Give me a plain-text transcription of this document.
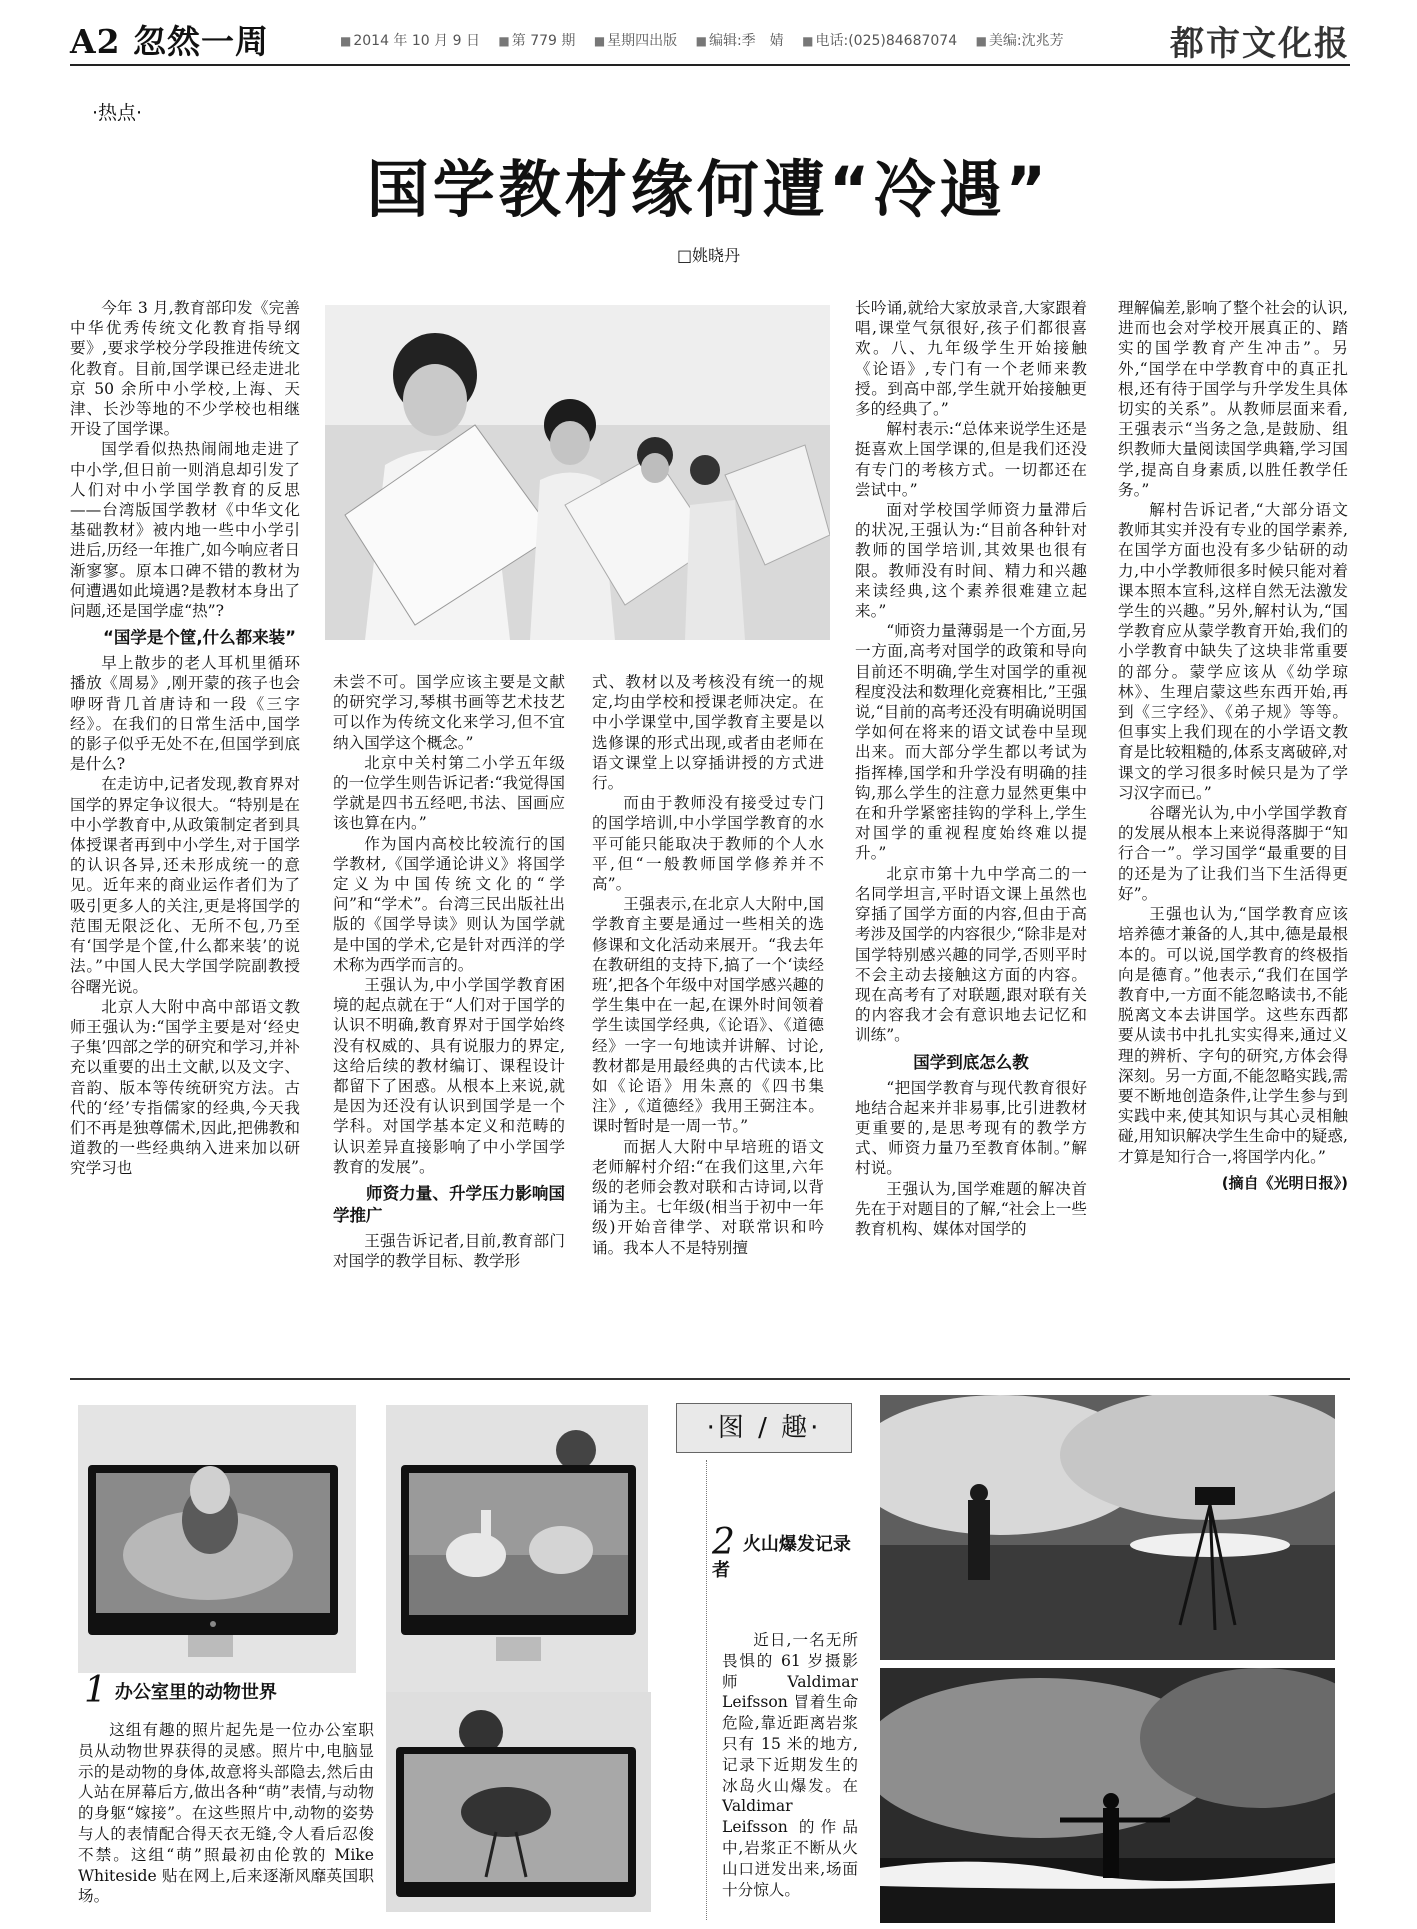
A2 忽然一周	■ 2014 年 10 月 9 日 ■ 第 779 期 ■ 星期四出版 ■ 编辑:季　婧 ■ 电话:(025)84687074 ■ 美编:沈兆芳	都市文化报
·热点·
国学教材缘何遭“冷遇”
□姚晓丹

今年 3 月,教育部印发《完善中华优秀传统文化教育指导纲要》,要求学校分学段推进传统文化教育。目前,国学课已经走进北京 50 余所中小学校,上海、天津、长沙等地的不少学校也相继开设了国学课。

国学看似热热闹闹地走进了中小学,但日前一则消息却引发了人们对中小学国学教育的反思——台湾版国学教材《中华文化基础教材》被内地一些中小学引进后,历经一年推广,如今响应者日渐寥寥。原本口碑不错的教材为何遭遇如此境遇?是教材本身出了问题,还是国学虚“热”?

“国学是个筐,什么都来装”

早上散步的老人耳机里循环播放《周易》,刚开蒙的孩子也会咿呀背几首唐诗和一段《三字经》。在我们的日常生活中,国学的影子似乎无处不在,但国学到底是什么?

在走访中,记者发现,教育界对国学的界定争议很大。“特别是在中小学教育中,从政策制定者到具体授课者再到中小学生,对于国学的认识各异,还未形成统一的意见。近年来的商业运作者们为了吸引更多人的关注,更是将国学的范围无限泛化、无所不包,乃至有‘国学是个筐,什么都来装’的说法。”中国人民大学国学院副教授谷曙光说。

北京人大附中高中部语文教师王强认为:“国学主要是对‘经史子集’四部之学的研究和学习,并补充以重要的出土文献,以及文字、音韵、版本等传统研究方法。古代的‘经’专指儒家的经典,今天我们不再是独尊儒术,因此,把佛教和道教的一些经典纳入进来加以研究学习也

未尝不可。国学应该主要是文献的研究学习,琴棋书画等艺术技艺可以作为传统文化来学习,但不宜纳入国学这个概念。”

北京中关村第二小学五年级的一位学生则告诉记者:“我觉得国学就是四书五经吧,书法、国画应该也算在内。”

作为国内高校比较流行的国学教材,《国学通论讲义》将国学定义为中国传统文化的“学问”和“学术”。台湾三民出版社出版的《国学导读》则认为国学就是中国的学术,它是针对西洋的学术称为西学而言的。

王强认为,中小学国学教育困境的起点就在于“人们对于国学的认识不明确,教育界对于国学始终没有权威的、具有说服力的界定,这给后续的教材编订、课程设计都留下了困惑。从根本上来说,就是因为还没有认识到国学是一个学科。对国学基本定义和范畴的认识差异直接影响了中小学国学教育的发展”。

师资力量、升学压力影响国学推广

王强告诉记者,目前,教育部门对国学的教学目标、教学形

式、教材以及考核没有统一的规定,均由学校和授课老师决定。在中小学课堂中,国学教育主要是以选修课的形式出现,或者由老师在语文课堂上以穿插讲授的方式进行。

而由于教师没有接受过专门的国学培训,中小学国学教育的水平可能只能取决于教师的个人水平,但“一般教师国学修养并不高”。

王强表示,在北京人大附中,国学教育主要是通过一些相关的选修课和文化活动来展开。“我去年在教研组的支持下,搞了一个‘读经班’,把各个年级中对国学感兴趣的学生集中在一起,在课外时间领着学生读国学经典,《论语》、《道德经》一字一句地读并讲解、讨论,教材都是用最经典的古代读本,比如《论语》用朱熹的《四书集注》,《道德经》我用王弼注本。课时暂时是一周一节。”

而据人大附中早培班的语文老师解村介绍:“在我们这里,六年级的老师会教对联和古诗词,以背诵为主。七年级(相当于初中一年级)开始音律学、对联常识和吟诵。我本人不是特别擅

长吟诵,就给大家放录音,大家跟着唱,课堂气氛很好,孩子们都很喜欢。八、九年级学生开始接触《论语》,专门有一个老师来教授。到高中部,学生就开始接触更多的经典了。”

解村表示:“总体来说学生还是挺喜欢上国学课的,但是我们还没有专门的考核方式。一切都还在尝试中。”

面对学校国学师资力量滞后的状况,王强认为:“目前各种针对教师的国学培训,其效果也很有限。教师没有时间、精力和兴趣来读经典,这个素养很难建立起来。”

“师资力量薄弱是一个方面,另一方面,高考对国学的政策和导向目前还不明确,学生对国学的重视程度没法和数理化竞赛相比,”王强说,“目前的高考还没有明确说明国学如何在将来的语文试卷中呈现出来。而大部分学生都以考试为指挥棒,国学和升学没有明确的挂钩,那么学生的注意力显然更集中在和升学紧密挂钩的学科上,学生对国学的重视程度始终难以提升。”

北京市第十九中学高二的一名同学坦言,平时语文课上虽然也穿插了国学方面的内容,但由于高考涉及国学的内容很少,“除非是对国学特别感兴趣的同学,否则平时不会主动去接触这方面的内容。现在高考有了对联题,跟对联有关的内容我才会有意识地去记忆和训练”。

国学到底怎么教

“把国学教育与现代教育很好地结合起来并非易事,比引进教材更重要的,是思考现有的教学方式、师资力量乃至教育体制。”解村说。

王强认为,国学难题的解决首先在于对题目的了解,“社会上一些教育机构、媒体对国学的

理解偏差,影响了整个社会的认识,进而也会对学校开展真正的、踏实的国学教育产生冲击”。另外,“国学在中学教育中的真正扎根,还有待于国学与升学发生具体切实的关系”。从教师层面来看,王强表示“当务之急,是鼓励、组织教师大量阅读国学典籍,学习国学,提高自身素质,以胜任教学任务。”

解村告诉记者,“大部分语文教师其实并没有专业的国学素养,在国学方面也没有多少钻研的动力,中小学教师很多时候只能对着课本照本宣科,这样自然无法激发学生的兴趣。”另外,解村认为,“国学教育应从蒙学教育开始,我们的小学教育中缺失了这块非常重要的部分。蒙学应该从《幼学琼林》、生理启蒙这些东西开始,再到《三字经》、《弟子规》等等。但事实上我们现在的小学语文教育是比较粗糙的,体系支离破碎,对课文的学习很多时候只是为了学习汉字而已。”

谷曙光认为,中小学国学教育的发展从根本上来说得落脚于“知行合一”。学习国学“最重要的目的还是为了让我们当下生活得更好”。

王强也认为,“国学教育应该培养德才兼备的人,其中,德是最根本的。可以说,国学教育的终极指向是德育。”他表示,“我们在国学教育中,一方面不能忽略读书,不能脱离文本去讲国学。这些东西都要从读书中扎扎实实得来,通过义理的辨析、字句的研究,方体会得深刻。另一方面,不能忽略实践,需要不断地创造条件,让学生参与到实践中来,使其知识与其心灵相触碰,用知识解决学生生命中的疑惑,才算是知行合一,将国学内化。”

(摘自《光明日报》)
·图 / 趣·
1 办公室里的动物世界

这组有趣的照片起先是一位办公室职员从动物世界获得的灵感。照片中,电脑显示的是动物的身体,故意将头部隐去,然后由人站在屏幕后方,做出各种“萌”表情,与动物的身躯“嫁接”。在这些照片中,动物的姿势与人的表情配合得天衣无缝,令人看后忍俊不禁。这组“萌”照最初由伦敦的 Mike Whiteside 贴在网上,后来逐渐风靡英国职场。

2 火山爆发记录者

近日,一名无所畏惧的 61 岁摄影师 Valdimar Leifsson 冒着生命危险,靠近距离岩浆只有 15 米的地方,记录下近期发生的冰岛火山爆发。在 Valdimar Leifsson 的作品中,岩浆正不断从火山口迸发出来,场面十分惊人。
